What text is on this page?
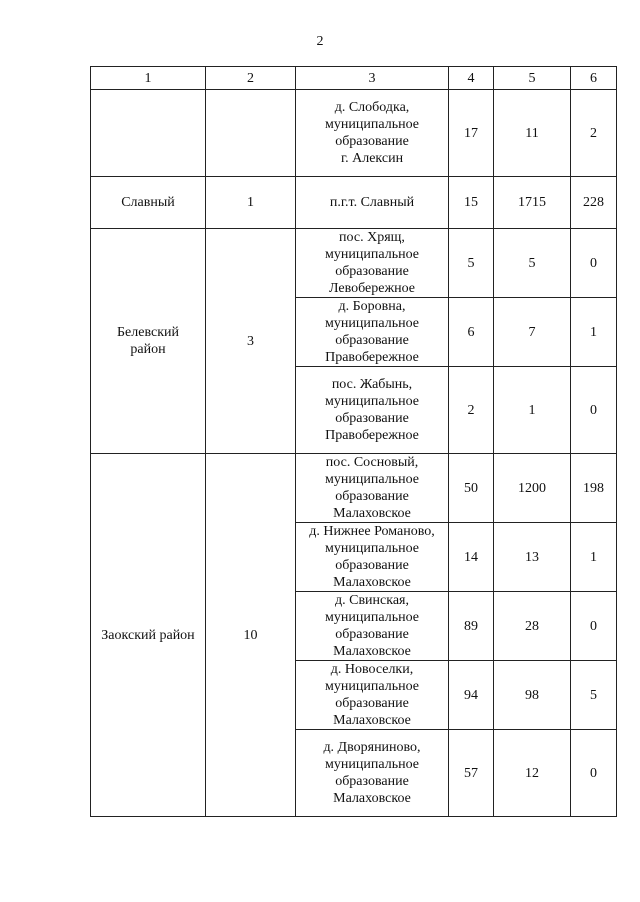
2
1	2	3	4	5	6
		д. Слободка,
муниципальное
образование
г. Алексин	17	11	2
Славный	1	п.г.т. Славный	15	1715	228
Белевский
район	3	пос. Хрящ,
муниципальное
образование
Левобережное	5	5	0
		д. Боровна,
муниципальное
образование
Правобережное	6	7	1
		пос. Жабынь,
муниципальное
образование
Правобережное	2	1	0
Заокский район	10	пос. Сосновый,
муниципальное
образование
Малаховское	50	1200	198
		д. Нижнее Романово,
муниципальное
образование
Малаховское	14	13	1
		д. Свинская,
муниципальное
образование
Малаховское	89	28	0
		д. Новоселки,
муниципальное
образование
Малаховское	94	98	5
		д. Дворяниново,
муниципальное
образование
Малаховское	57	12	0
